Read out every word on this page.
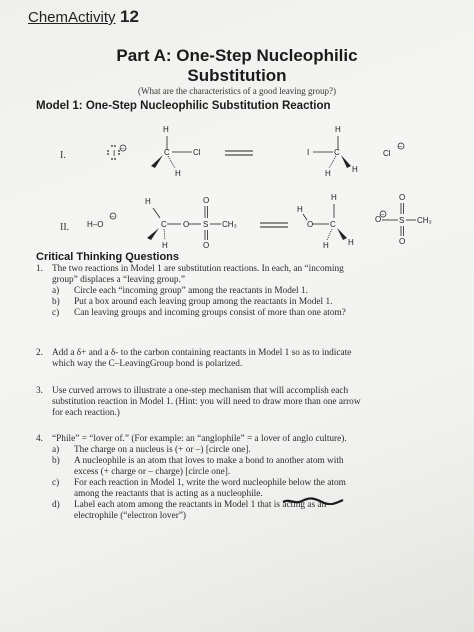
ChemActivity 12
Part A: One-Step Nucleophilic
Substitution
(What are the characteristics of a good leaving group?)
Model 1: One-Step Nucleophilic Substitution Reaction
I.	I
–
H
C	Cl
H
I	C
H
H	H
Cl
–
II. H–O
–
H
C O S
O
O
CH₃
H
H
O C
H
H H
O
–
S
O
O
CH₃
Critical Thinking Questions
1. The two reactions in Model 1 are substitution reactions. In each, an “incoming
group” displaces a “leaving group.”
a) Circle each “incoming group” among the reactants in Model 1.
b) Put a box around each leaving group among the reactants in Model 1.
c) Can leaving groups and incoming groups consist of more than one atom?
2. Add a δ+ and a δ- to the carbon containing reactants in Model 1 so as to indicate
which way the C–LeavingGroup bond is polarized.
3. Use curved arrows to illustrate a one-step mechanism that will accomplish each
substitution reaction in Model 1. (Hint: you will need to draw more than one arrow
for each reaction.)
4. “Phile” = “lover of.” (For example: an “anglophile” = a lover of anglo culture).
a) The charge on a nucleus is (+ or –) [circle one].
b) A nucleophile is an atom that loves to make a bond to another atom with
excess (+ charge or – charge) [circle one].
c) For each reaction in Model 1, write the word nucleophile below the atom
among the reactants that is acting as a nucleophile.
d) Label each atom among the reactants in Model 1 that is acting as an
electrophile (“electron lover”)
